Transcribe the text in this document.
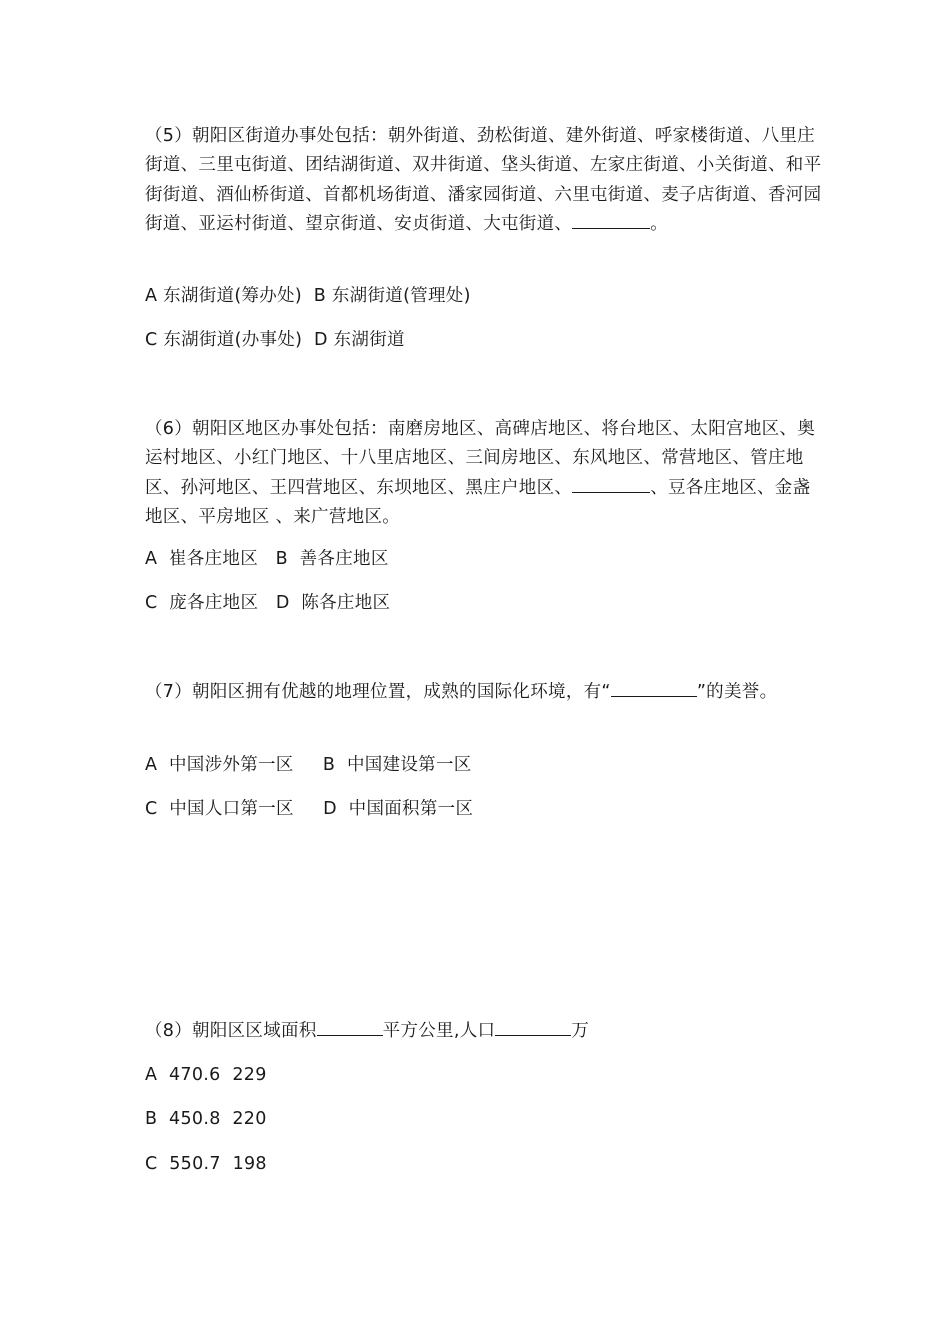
（5）朝阳区街道办事处包括：朝外街道、劲松街道、建外街道、呼家楼街道、八里庄街道、三里屯街道、团结湖街道、双井街道、垡头街道、左家庄街道、小关街道、和平街街道、酒仙桥街道、首都机场街道、潘家园街道、六里屯街道、麦子店街道、香河园街道、亚运村街道、望京街道、安贞街道、大屯街道、	。
A 东湖街道(筹办处)  B 东湖街道(管理处)
C 东湖街道(办事处)  D 东湖街道
（6）朝阳区地区办事处包括：南磨房地区、高碑店地区、将台地区、太阳宫地区、奥运村地区、小红门地区、十八里店地区、三间房地区、东风地区、常营地区、管庄地区、孙河地区、王四营地区、东坝地区、黑庄户地区、	、豆各庄地区、金盏地区、平房地区 、来广营地区。
A  崔各庄地区   B  善各庄地区
C  庞各庄地区   D  陈各庄地区
（7）朝阳区拥有优越的地理位置，成熟的国际化环境，有“	”的美誉。
A  中国涉外第一区     B  中国建设第一区
C  中国人口第一区     D  中国面积第一区
（8）朝阳区区域面积	平方公里,人口	万
A  470.6  229
B  450.8  220
C  550.7  198
